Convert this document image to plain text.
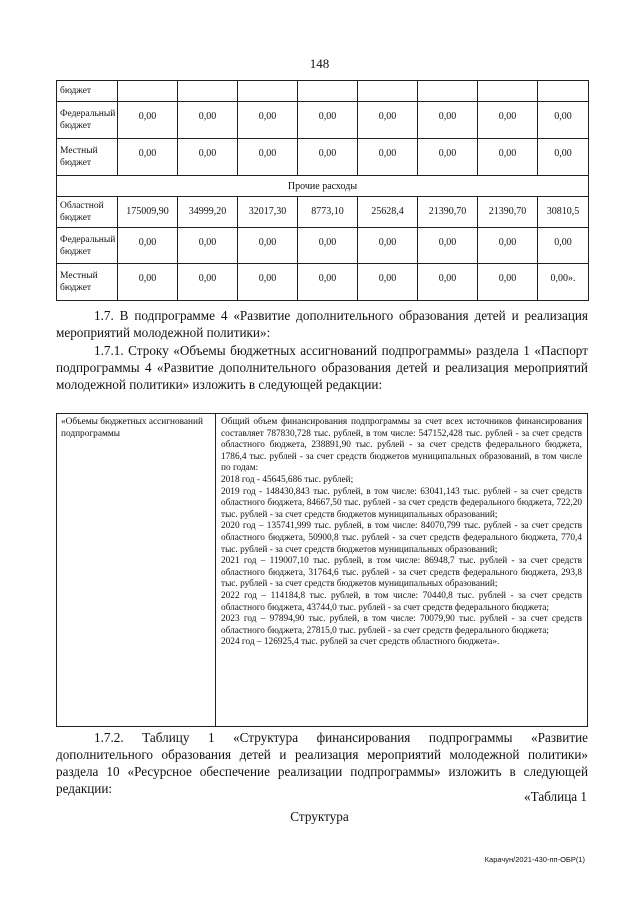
148
бюджет								
Федеральный бюджет	0,00	0,00	0,00	0,00	0,00	0,00	0,00	0,00
Местный бюджет	0,00	0,00	0,00	0,00	0,00	0,00	0,00	0,00
Прочие расходы								
Областной бюджет	175009,90	34999,20	32017,30	8773,10	25628,4	21390,70	21390,70	30810,5
Федеральный бюджет	0,00	0,00	0,00	0,00	0,00	0,00	0,00	0,00
Местный бюджет	0,00	0,00	0,00	0,00	0,00	0,00	0,00	0,00».

1.7. В подпрограмме 4 «Развитие дополнительного образования детей и реализация мероприятий молодежной политики»:

1.7.1. Строку «Объемы бюджетных ассигнований подпрограммы» раздела 1 «Паспорт подпрограммы 4 «Развитие дополнительного образования детей и реализация мероприятий молодежной политики» изложить в следующей редакции:

«Объемы бюджетных ассигнований подпрограммы	
Общий объем финансирования подпрограммы за счет всех источников финансирования составляет 787830,728 тыс. рублей, в том числе: 547152,428 тыс. рублей - за счет средств областного бюджета, 238891,90 тыс. рублей - за счет средств федерального бюджета, 1786,4 тыс. рублей - за счет средств бюджетов муниципальных образований, в том числе по годам:
2018 год - 45645,686 тыс. рублей;
2019 год - 148430,843 тыс. рублей, в том числе: 63041,143 тыс. рублей - за счет средств областного бюджета, 84667,50 тыс. рублей - за счет средств федерального бюджета, 722,20 тыс. рублей - за счет средств бюджетов муниципальных образований;
2020 год – 135741,999 тыс. рублей, в том числе: 84070,799 тыс. рублей - за счет средств областного бюджета, 50900,8 тыс. рублей - за счет средств федерального бюджета, 770,4 тыс. рублей - за счет средств бюджетов муниципальных образований;
2021 год – 119007,10 тыс. рублей, в том числе: 86948,7 тыс. рублей - за счет средств областного бюджета, 31764,6 тыс. рублей - за счет средств федерального бюджета, 293,8 тыс. рублей - за счет средств бюджетов муниципальных образований;
2022 год – 114184,8 тыс. рублей, в том числе: 70440,8 тыс. рублей - за счет средств областного бюджета, 43744,0 тыс. рублей - за счет средств федерального бюджета;
2023 год – 97894,90 тыс. рублей, в том числе: 70079,90 тыс. рублей - за счет средств областного бюджета, 27815,0 тыс. рублей - за счет средств федерального бюджета;
2024 год – 126925,4 тыс. рублей за счет средств областного бюджета».

1.7.2. Таблицу 1 «Структура финансирования подпрограммы «Развитие дополнительного образования детей и реализация мероприятий молодежной политики» раздела 10 «Ресурсное обеспечение реализации подпрограммы» изложить в следующей редакции:

«Таблица 1
Структура
Карачун/2021-430-пп-ОБР(1)
